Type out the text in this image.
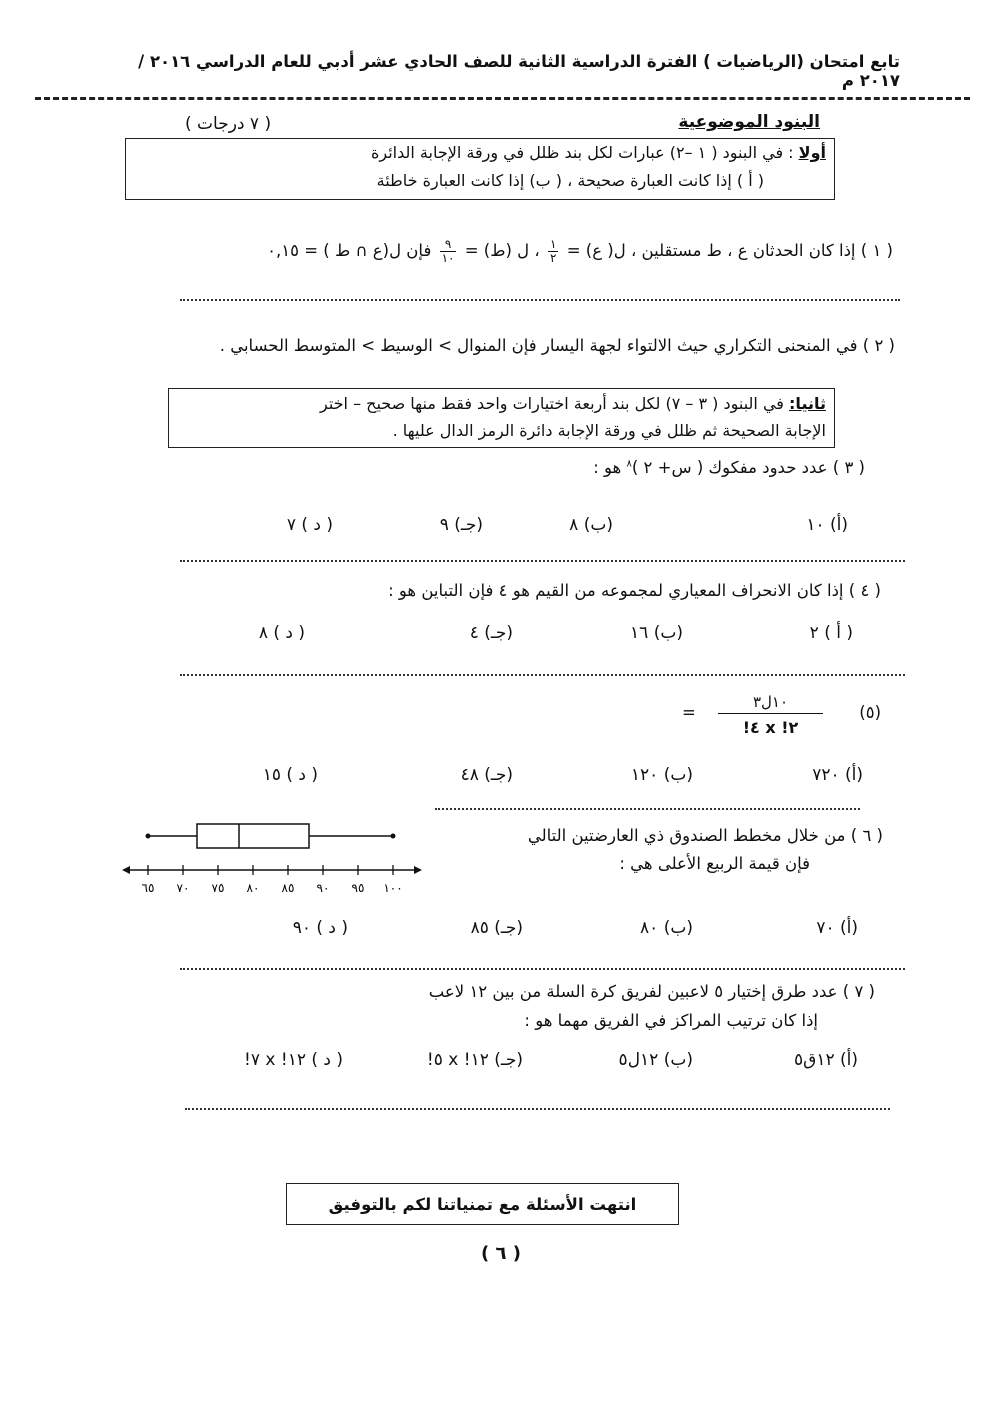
تابع امتحان (الرياضيات ) الفترة الدراسية الثانية للصف الحادي عشر أدبي للعام الدراسي ٢٠١٦ / ٢٠١٧ م
البنود الموضوعية
( ٧ درجات )
أولا : في البنود ( ١ –٢) عبارات لكل بند ظلل في ورقة الإجابة الدائرة
( أ ) إذا كانت العبارة صحيحة ، ( ب) إذا كانت العبارة خاطئة
( ١ ) إذا كان الحدثان ع ، ط مستقلين ، ل( ع) =
$\frac{١}{٢}$
، ل (ط) =
$\frac{٩}{١٠}$
فإن ل(ع ∩ ط ) = ٠,١٥
( ٢ ) في المنحنى التكراري حيث الالتواء لجهة اليسار فإن المنوال > الوسيط > المتوسط الحسابي .
ثانيا: في البنود ( ٣ – ٧) لكل بند أربعة اختيارات واحد فقط منها صحيح – اختر
الإجابة الصحيحة ثم ظلل في ورقة الإجابة دائرة الرمز الدال عليها .
( ٣ ) عدد حدود مفكوك ( س+ ٢ )$^٨$ هو :
(أ) ١٠
(ب) ٨
(جـ) ٩
( د ) ٧
( ٤ ) إذا كان الانحراف المعياري لمجموعه من القيم هو ٤ فإن التباين هو :
( أ ) ٢
(ب) ١٦
(جـ) ٤
( د ) ٨
(٥)
١٠ل٣
٢! x ٤!
=
(أ) ٧٢٠
(ب) ١٢٠
(جـ) ٤٨
( د ) ١٥
( ٦ ) من خلال مخطط الصندوق ذي العارضتين التالي
فإن قيمة الربيع الأعلى هي :
٦٥ ٧٠ ٧٥ ٨٠ ٨٥ ٩٠ ٩٥ ١٠٠
(أ) ٧٠
(ب) ٨٠
(جـ) ٨٥
( د ) ٩٠
( ٧ ) عدد طرق إختيار ٥ لاعبين لفريق كرة السلة من بين ١٢ لاعب
إذا كان ترتيب المراكز في الفريق مهما هو :
(أ) ١٢ق٥
(ب) ١٢ل٥
(جـ) ١٢! x ٥!
( د ) ١٢! x ٧!
انتهت الأسئلة مع تمنياتنا لكم بالتوفيق
( ٦ )
